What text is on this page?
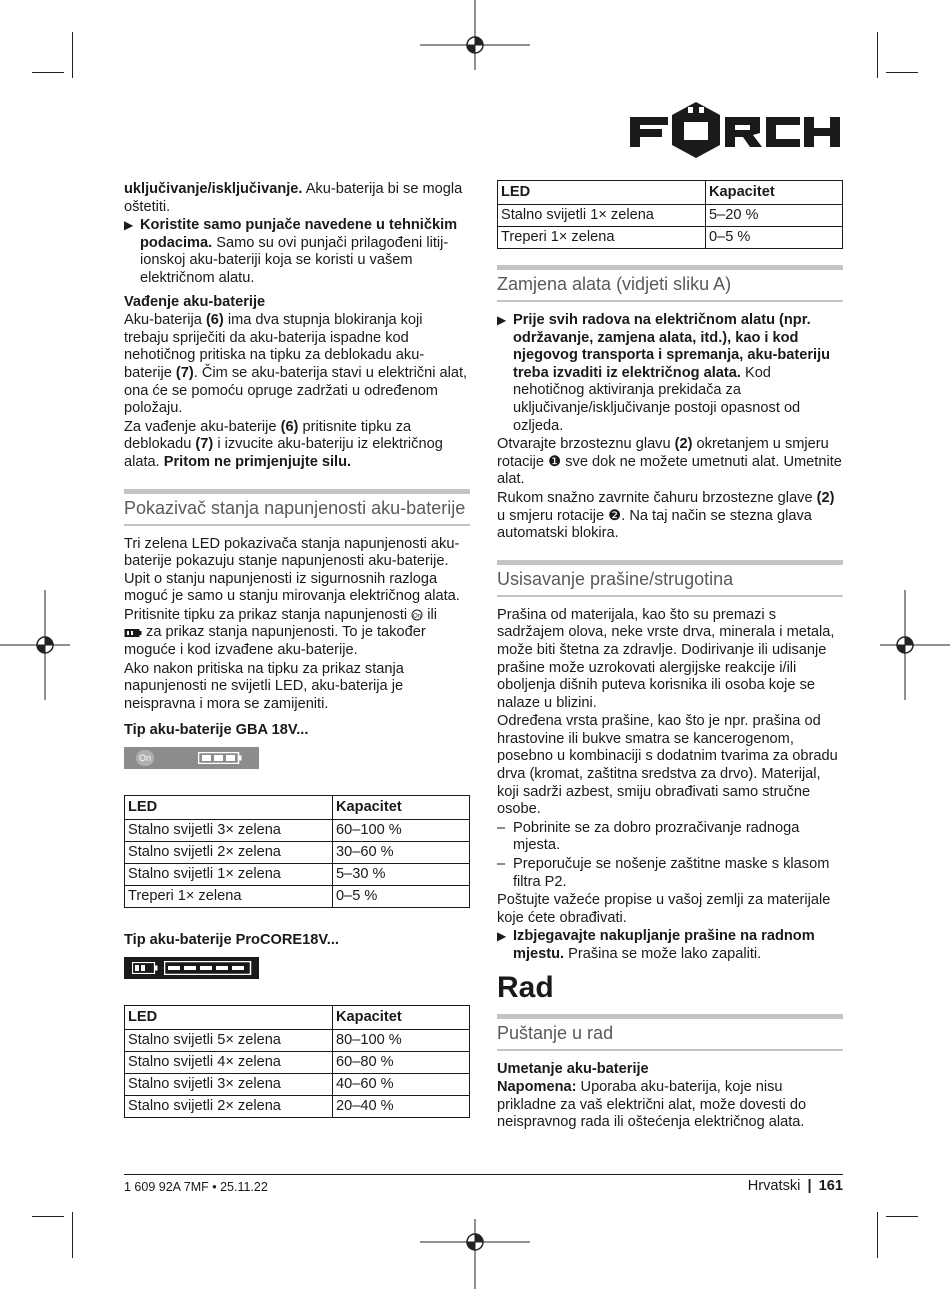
uključivanje/isključivanje. Aku-baterija bi se mogla oštetiti.

▶ Koristite samo punjače navedene u tehničkim podacima. Samo su ovi punjači prilagođeni litij-ionskoj aku-bateriji koja se koristi u vašem električnom alatu.

Vađenje aku-baterije

Aku-baterija (6) ima dva stupnja blokiranja koji trebaju spriječiti da aku-baterija ispadne kod nehotičnog pritiska na tipku za deblokadu aku-baterije (7). Čim se aku-baterija stavi u električni alat, ona će se pomoću opruge zadržati u određenom položaju.

Za vađenje aku-baterije (6) pritisnite tipku za deblokadu (7) i izvucite aku-bateriju iz električnog alata. Pritom ne primjenjujte silu.

Pokazivač stanja napunjenosti aku-baterije

Tri zelena LED pokazivača stanja napunjenosti aku-baterije pokazuju stanje napunjenosti aku-baterije. Upit o stanju napunjenosti iz sigurnosnih razloga moguć je samo u stanju mirovanja električnog alata.

Pritisnite tipku za prikaz stanja napunjenosti On ili
za prikaz stanja napunjenosti. To je također moguće i kod izvađene aku-baterije.

Ako nakon pritiska na tipku za prikaz stanja napunjenosti ne svijetli LED, aku-baterija je neispravna i mora se zamijeniti.

Tip aku-baterije GBA 18V...

On
LED	Kapacitet
Stalno svijetli 3× zelena	60–100 %
Stalno svijetli 2× zelena	30–60 %
Stalno svijetli 1× zelena	5–30 %
Treperi 1× zelena	0–5 %

Tip aku-baterije ProCORE18V...

LED	Kapacitet
Stalno svijetli 5× zelena	80–100 %
Stalno svijetli 4× zelena	60–80 %
Stalno svijetli 3× zelena	40–60 %
Stalno svijetli 2× zelena	20–40 %
LED	Kapacitet
Stalno svijetli 1× zelena	5–20 %
Treperi 1× zelena	0–5 %
Zamjena alata (vidjeti sliku A)

▶ Prije svih radova na električnom alatu (npr. održavanje, zamjena alata, itd.), kao i kod njegovog transporta i spremanja, aku-bateriju treba izvaditi iz električnog alata. Kod nehotičnog aktiviranja prekidača za uključivanje/isključivanje postoji opasnost od ozljeda.

Otvarajte brzosteznu glavu (2) okretanjem u smjeru rotacije ❶ sve dok ne možete umetnuti alat. Umetnite alat.

Rukom snažno zavrnite čahuru brzostezne glave (2) u smjeru rotacije ❷. Na taj način se stezna glava automatski blokira.

Usisavanje prašine/strugotina

Prašina od materijala, kao što su premazi s sadržajem olova, neke vrste drva, minerala i metala, može biti štetna za zdravlje. Dodirivanje ili udisanje prašine može uzrokovati alergijske reakcije i/ili oboljenja dišnih puteva korisnika ili osoba koje se nalaze u blizini.

Određena vrsta prašine, kao što je npr. prašina od hrastovine ili bukve smatra se kancerogenom, posebno u kombinaciji s dodatnim tvarima za obradu drva (kromat, zaštitna sredstva za drvo). Materijal, koji sadrži azbest, smiju obrađivati samo stručne osobe.

– Pobrinite se za dobro prozračivanje radnoga mjesta.

– Preporučuje se nošenje zaštitne maske s klasom filtra P2.

Poštujte važeće propise u vašoj zemlji za materijale koje ćete obrađivati.

▶ Izbjegavajte nakupljanje prašine na radnom mjestu. Prašina se može lako zapaliti.

Rad
Puštanje u rad

Umetanje aku-baterije

Napomena: Uporaba aku-baterija, koje nisu prikladne za vaš električni alat, može dovesti do neispravnog rada ili oštećenja električnog alata.

1 609 92A 7MF • 25.11.22	Hrvatski | 161
